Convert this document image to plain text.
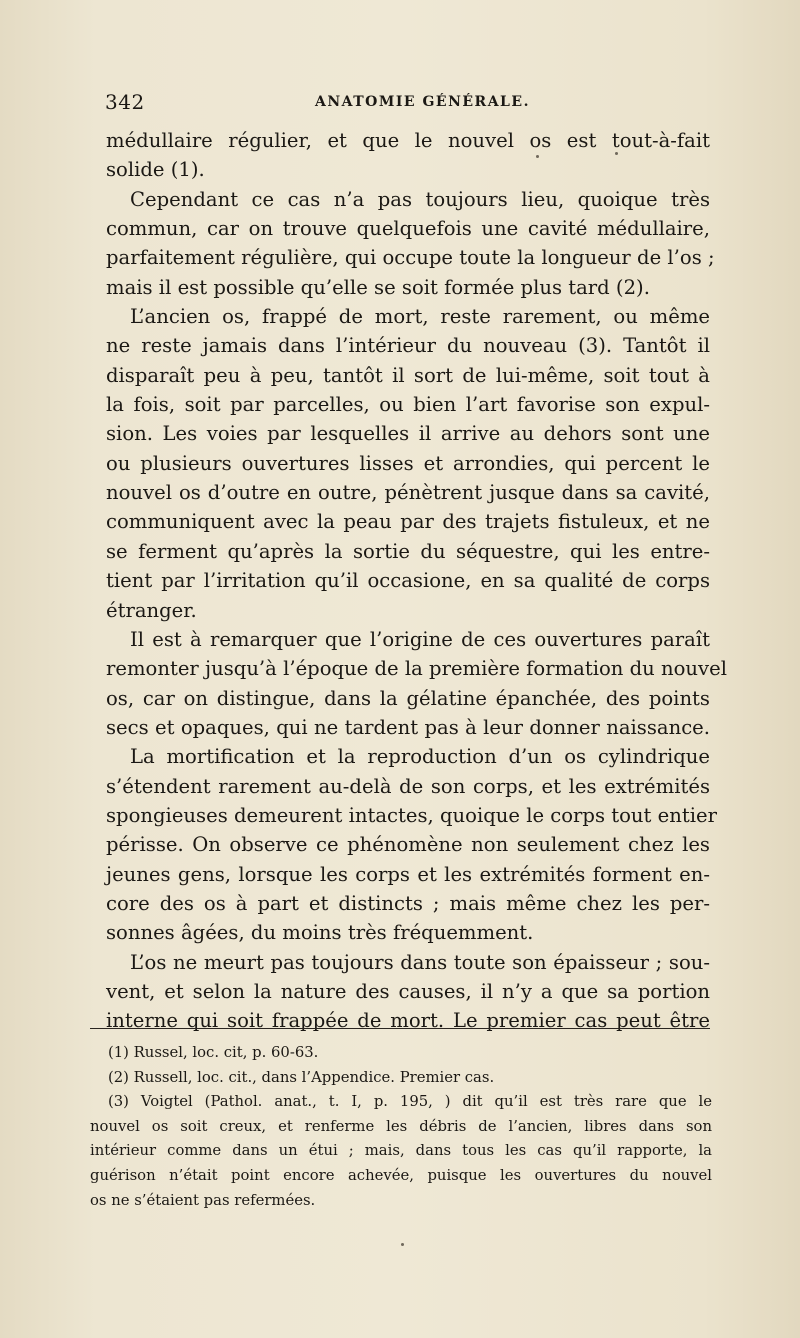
342	ANATOMIE GÉNÉRALE.
médullaire régulier, et que le nouvel os est tout-à-fait
solide (1).
Cependant ce cas n’a pas toujours lieu, quoique très
commun, car on trouve quelquefois une cavité médullaire,
parfaitement régulière, qui occupe toute la longueur de l’os ;
mais il est possible qu’elle se soit formée plus tard (2).
L’ancien os, frappé de mort, reste rarement, ou même
ne reste jamais dans l’intérieur du nouveau (3). Tantôt il
disparaît peu à peu, tantôt il sort de lui-même, soit tout à
la fois, soit par parcelles, ou bien l’art favorise son expul-
sion. Les voies par lesquelles il arrive au dehors sont une
ou plusieurs ouvertures lisses et arrondies, qui percent le
nouvel os d’outre en outre, pénètrent jusque dans sa cavité,
communiquent avec la peau par des trajets fistuleux, et ne
se ferment qu’après la sortie du séquestre, qui les entre-
tient par l’irritation qu’il occasione, en sa qualité de corps
étranger.
Il est à remarquer que l’origine de ces ouvertures paraît
remonter jusqu’à l’époque de la première formation du nouvel
os, car on distingue, dans la gélatine épanchée, des points
secs et opaques, qui ne tardent pas à leur donner naissance.
La mortification et la reproduction d’un os cylindrique
s’étendent rarement au-delà de son corps, et les extrémités
spongieuses demeurent intactes, quoique le corps tout entier
périsse. On observe ce phénomène non seulement chez les
jeunes gens, lorsque les corps et les extrémités forment en-
core des os à part et distincts ; mais même chez les per-
sonnes âgées, du moins très fréquemment.
L’os ne meurt pas toujours dans toute son épaisseur ; sou-
vent, et selon la nature des causes, il n’y a que sa portion
interne qui soit frappée de mort. Le premier cas peut être
(1) Russel, loc. cit, p. 60-63.
(2) Russell, loc. cit., dans l’Appendice. Premier cas.
(3) Voigtel (Pathol. anat., t. I, p. 195, ) dit qu’il est très rare que le
nouvel os soit creux, et renferme les débris de l’ancien, libres dans son
intérieur comme dans un étui ; mais, dans tous les cas qu’il rapporte, la
guérison n’était point encore achevée, puisque les ouvertures du nouvel
os ne s’étaient pas refermées.
